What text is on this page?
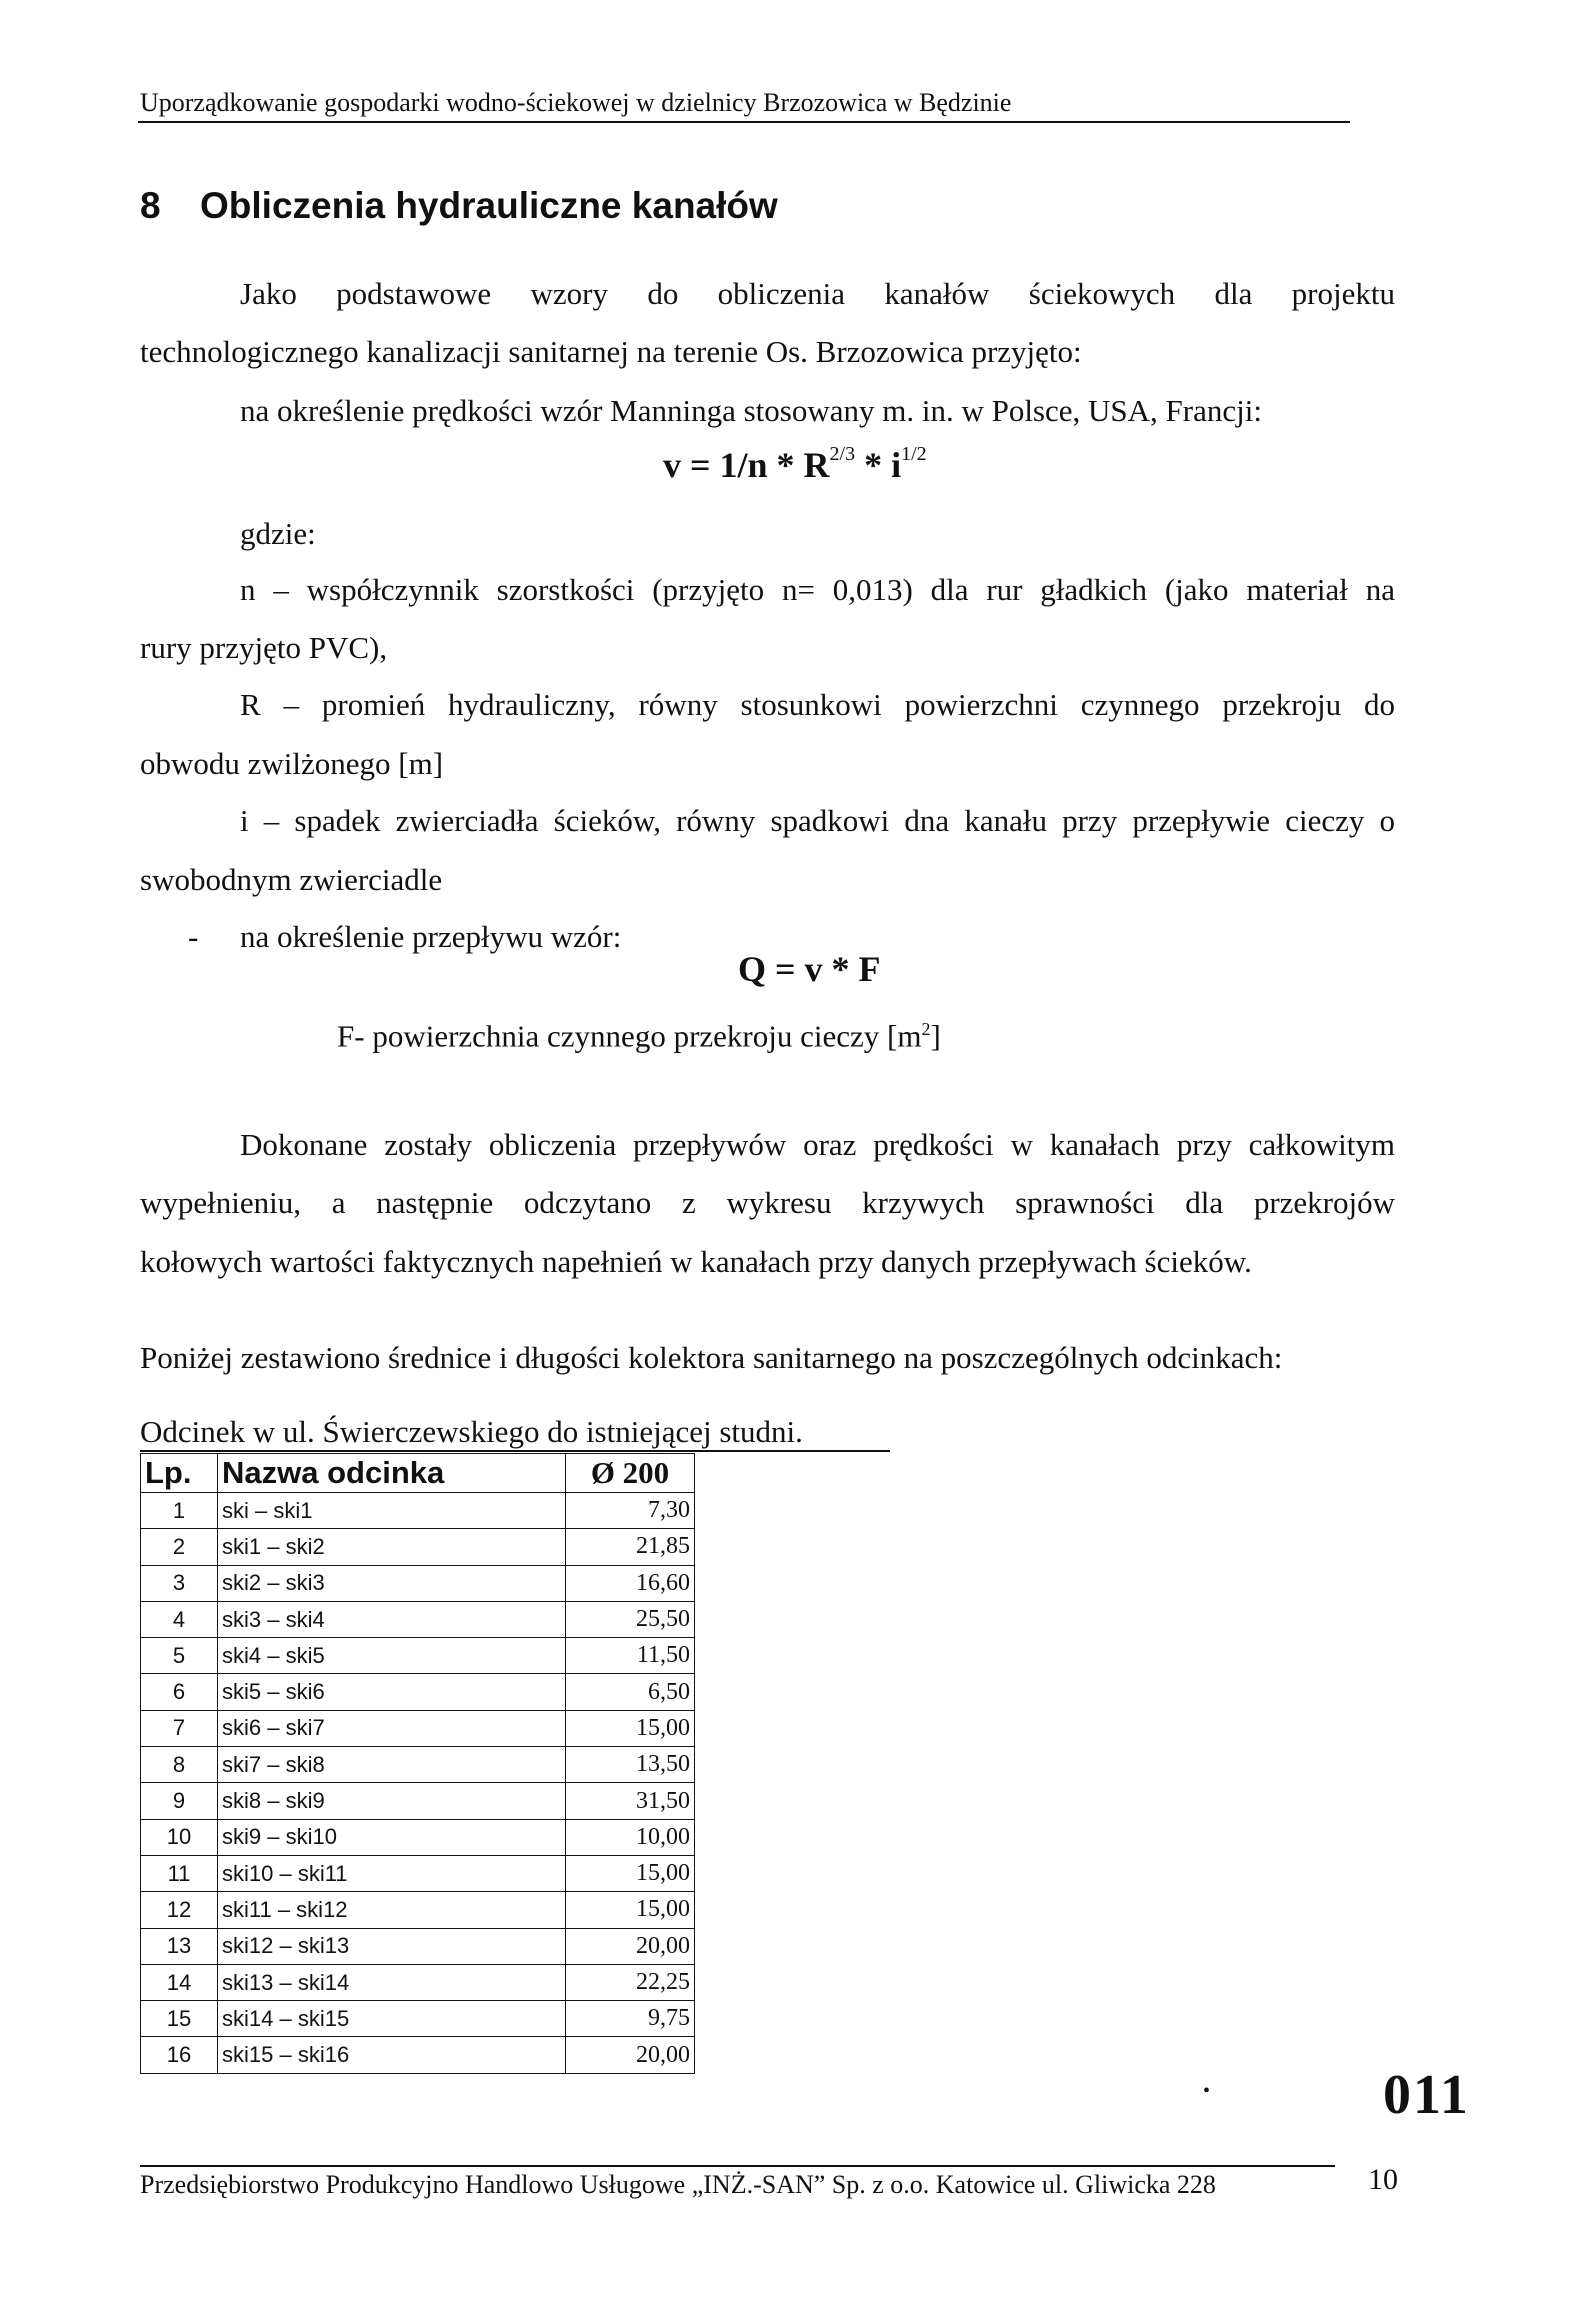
Uporządkowanie gospodarki wodno-ściekowej w dzielnicy Brzozowica w Będzinie
8 Obliczenia hydrauliczne kanałów
Jako podstawowe wzory do obliczenia kanałów ściekowych dla projektu
technologicznego kanalizacji sanitarnej na terenie Os. Brzozowica przyjęto:
na określenie prędkości wzór Manninga stosowany m. in. w Polsce, USA, Francji:
$v = 1/n * R^{2/3} * i^{1/2}$
gdzie:
n – współczynnik szorstkości (przyjęto n= 0,013) dla rur gładkich (jako materiał na
rury przyjęto PVC),
R – promień hydrauliczny, równy stosunkowi powierzchni czynnego przekroju do
obwodu zwilżonego [m]
i – spadek zwierciadła ścieków, równy spadkowi dna kanału przy przepływie cieczy o
swobodnym zwierciadle
- na określenie przepływu wzór:
Q = v * F
F- powierzchnia czynnego przekroju cieczy $[m^2]$
Dokonane zostały obliczenia przepływów oraz prędkości w kanałach przy całkowitym
wypełnieniu, a następnie odczytano z wykresu krzywych sprawności dla przekrojów
kołowych wartości faktycznych napełnień w kanałach przy danych przepływach ścieków.
Poniżej zestawiono średnice i długości kolektora sanitarnego na poszczególnych odcinkach:
Odcinek w ul. Świerczewskiego do istniejącej studni.
Lp.	Nazwa odcinka	Ø 200
1	ski – ski1	7,30
2	ski1 – ski2	21,85
3	ski2 – ski3	16,60
4	ski3 – ski4	25,50
5	ski4 – ski5	11,50
6	ski5 – ski6	6,50
7	ski6 – ski7	15,00
8	ski7 – ski8	13,50
9	ski8 – ski9	31,50
10	ski9 – ski10	10,00
11	ski10 – ski11	15,00
12	ski11 – ski12	15,00
13	ski12 – ski13	20,00
14	ski13 – ski14	22,25
15	ski14 – ski15	9,75
16	ski15 – ski16	20,00
•	011
Przedsiębiorstwo Produkcyjno Handlowo Usługowe „INŻ.-SAN” Sp. z o.o. Katowice ul. Gliwicka 228	10
